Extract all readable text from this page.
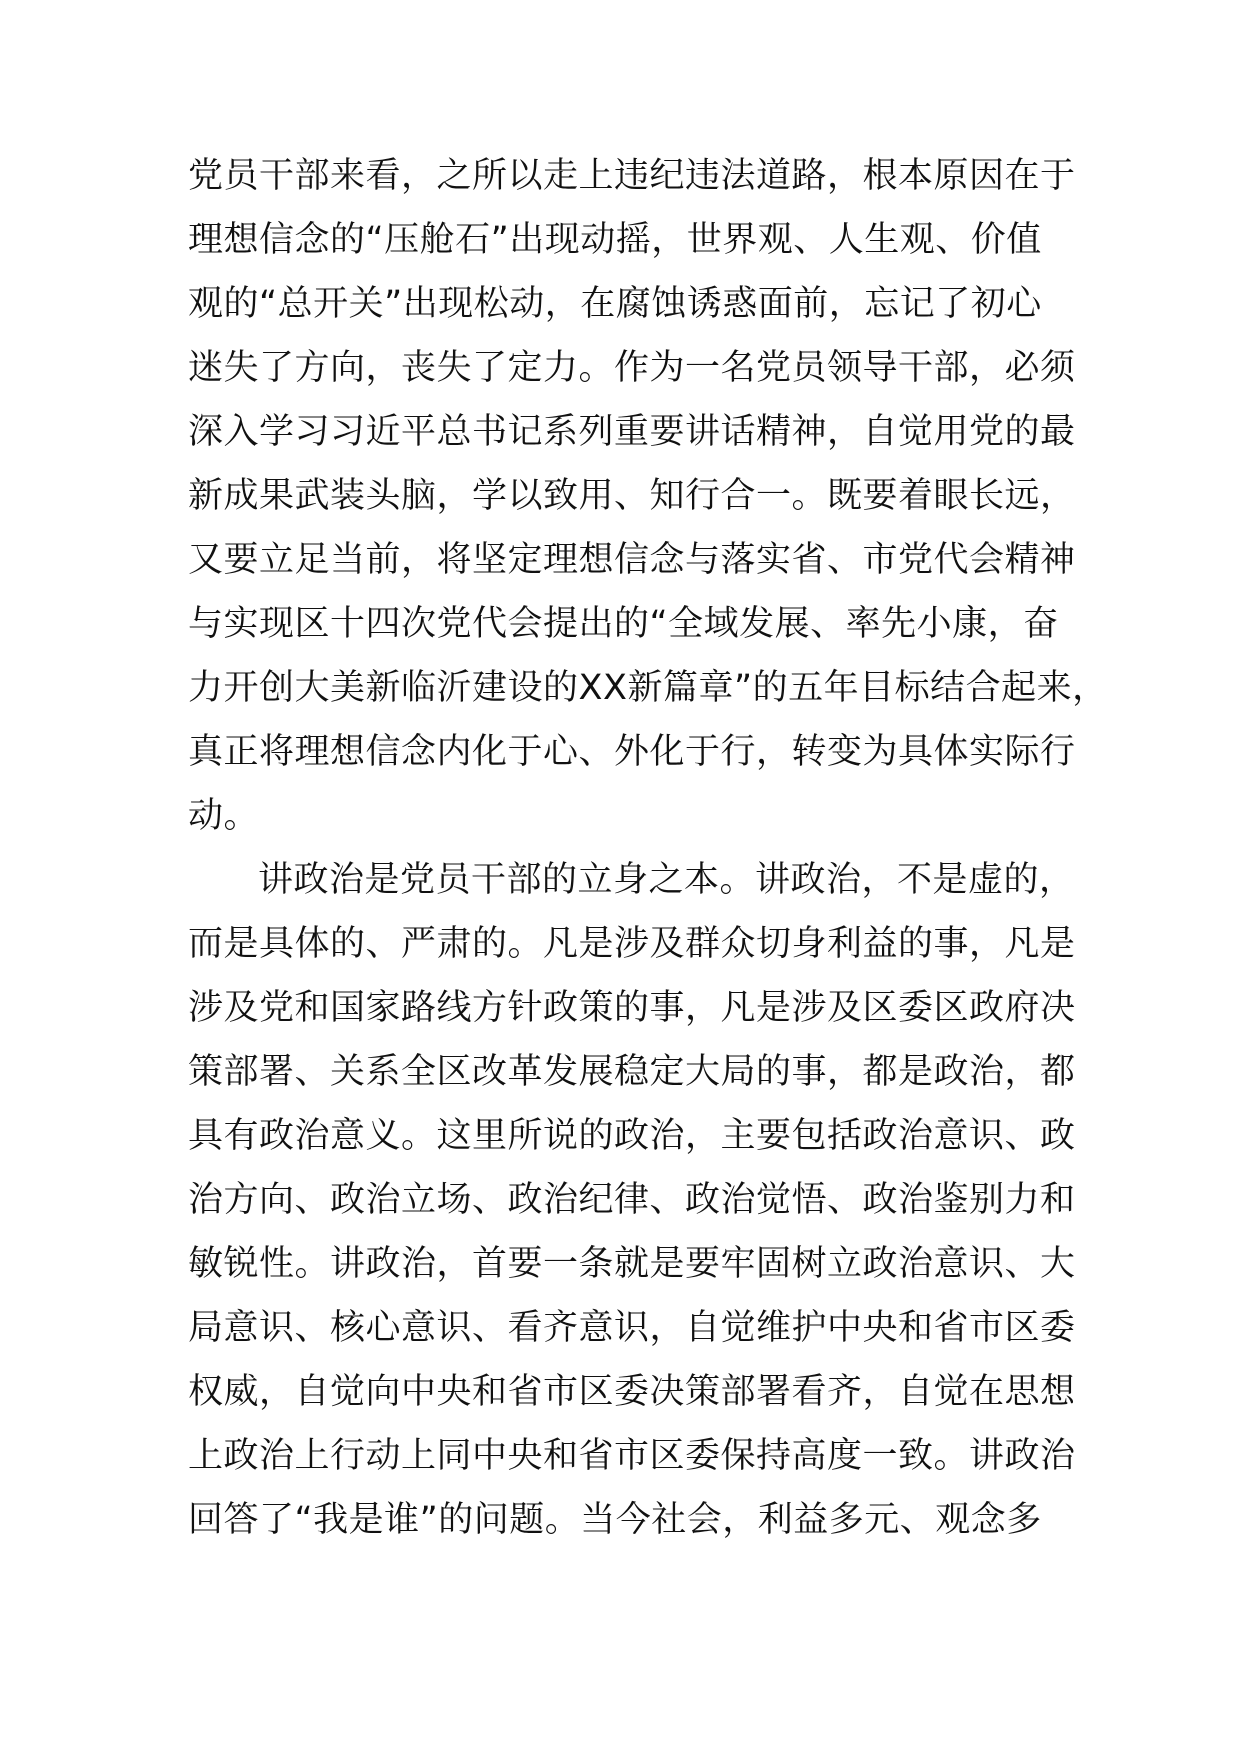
党员干部来看，之所以走上违纪违法道路，根本原因在于
理想信念的“压舱石”出现动摇，世界观、人生观、价值
观的“总开关”出现松动，在腐蚀诱惑面前，忘记了初心
迷失了方向，丧失了定力。作为一名党员领导干部，必须
深入学习习近平总书记系列重要讲话精神，自觉用党的最
新成果武装头脑，学以致用、知行合一。既要着眼长远，
又要立足当前，将坚定理想信念与落实省、市党代会精神
与实现区十四次党代会提出的“全域发展、率先小康，奋
力开创大美新临沂建设的XX新篇章”的五年目标结合起来，
真正将理想信念内化于心、外化于行，转变为具体实际行
动。
讲政治是党员干部的立身之本。讲政治，不是虚的，
而是具体的、严肃的。凡是涉及群众切身利益的事，凡是
涉及党和国家路线方针政策的事，凡是涉及区委区政府决
策部署、关系全区改革发展稳定大局的事，都是政治，都
具有政治意义。这里所说的政治，主要包括政治意识、政
治方向、政治立场、政治纪律、政治觉悟、政治鉴别力和
敏锐性。讲政治，首要一条就是要牢固树立政治意识、大
局意识、核心意识、看齐意识，自觉维护中央和省市区委
权威，自觉向中央和省市区委决策部署看齐，自觉在思想
上政治上行动上同中央和省市区委保持高度一致。讲政治
回答了“我是谁”的问题。当今社会，利益多元、观念多
